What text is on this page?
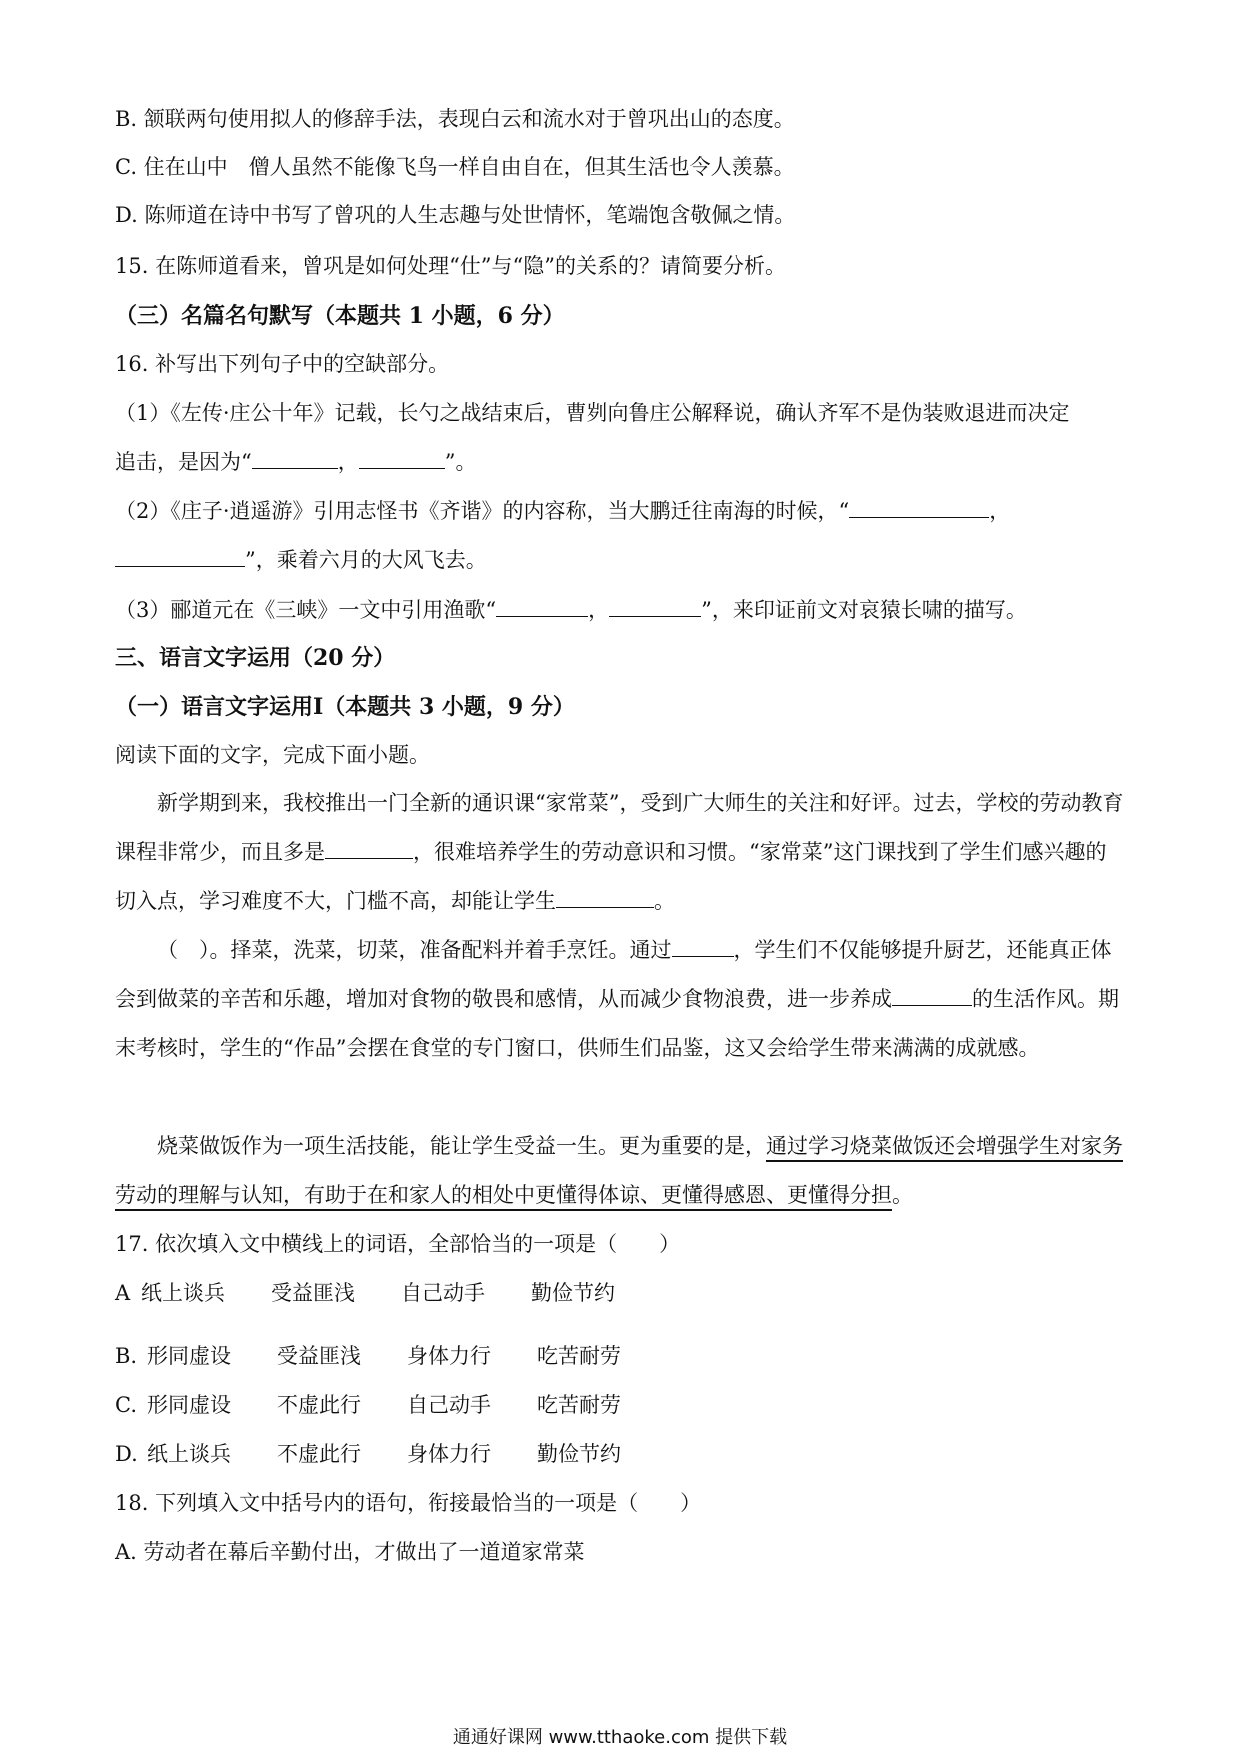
B. 颔联两句使用拟人的修辞手法，表现白云和流水对于曾巩出山的态度。
C. 住在山中　僧人虽然不能像飞鸟一样自由自在，但其生活也令人羡慕。
D. 陈师道在诗中书写了曾巩的人生志趣与处世情怀，笔端饱含敬佩之情。
15. 在陈师道看来，曾巩是如何处理“仕”与“隐”的关系的？请简要分析。
（三）名篇名句默写（本题共 1 小题，6 分）
16. 补写出下列句子中的空缺部分。
（1）《左传·庄公十年》记载，长勺之战结束后，曹刿向鲁庄公解释说，确认齐军不是伪装败退进而决定
追击，是因为“	，	”。
（2）《庄子·逍遥游》引用志怪书《齐谐》的内容称，当大鹏迁往南海的时候，“	，
”，乘着六月的大风飞去。
（3）郦道元在《三峡》一文中引用渔歌“	，	”，来印证前文对哀猿长啸的描写。
三、语言文字运用（20 分）
（一）语言文字运用Ⅰ（本题共 3 小题，9 分）
阅读下面的文字，完成下面小题。
新学期到来，我校推出一门全新的通识课“家常菜”，受到广大师生的关注和好评。过去，学校的劳动教育课程非常少，而且多是	，很难培养学生的劳动意识和习惯。“家常菜”这门课找到了学生们感兴趣的切入点，学习难度不大，门槛不高，却能让学生	。
（　）。择菜，洗菜，切菜，准备配料并着手烹饪。通过	，学生们不仅能够提升厨艺，还能真正体会到做菜的辛苦和乐趣，增加对食物的敬畏和感情，从而减少食物浪费，进一步养成	的生活作风。期末考核时，学生的“作品”会摆在食堂的专门窗口，供师生们品鉴，这又会给学生带来满满的成就感。
烧菜做饭作为一项生活技能，能让学生受益一生。更为重要的是，通过学习烧菜做饭还会增强学生对家务劳动的理解与认知，有助于在和家人的相处中更懂得体谅、更懂得感恩、更懂得分担。
17. 依次填入文中横线上的词语，全部恰当的一项是（　　）
A 纸上谈兵 受益匪浅 自己动手 勤俭节约
B. 形同虚设 受益匪浅 身体力行 吃苦耐劳
C. 形同虚设 不虚此行 自己动手 吃苦耐劳
D. 纸上谈兵 不虚此行 身体力行 勤俭节约
18. 下列填入文中括号内的语句，衔接最恰当的一项是（　　）
A. 劳动者在幕后辛勤付出，才做出了一道道家常菜
通通好课网 www.tthaoke.com 提供下载
